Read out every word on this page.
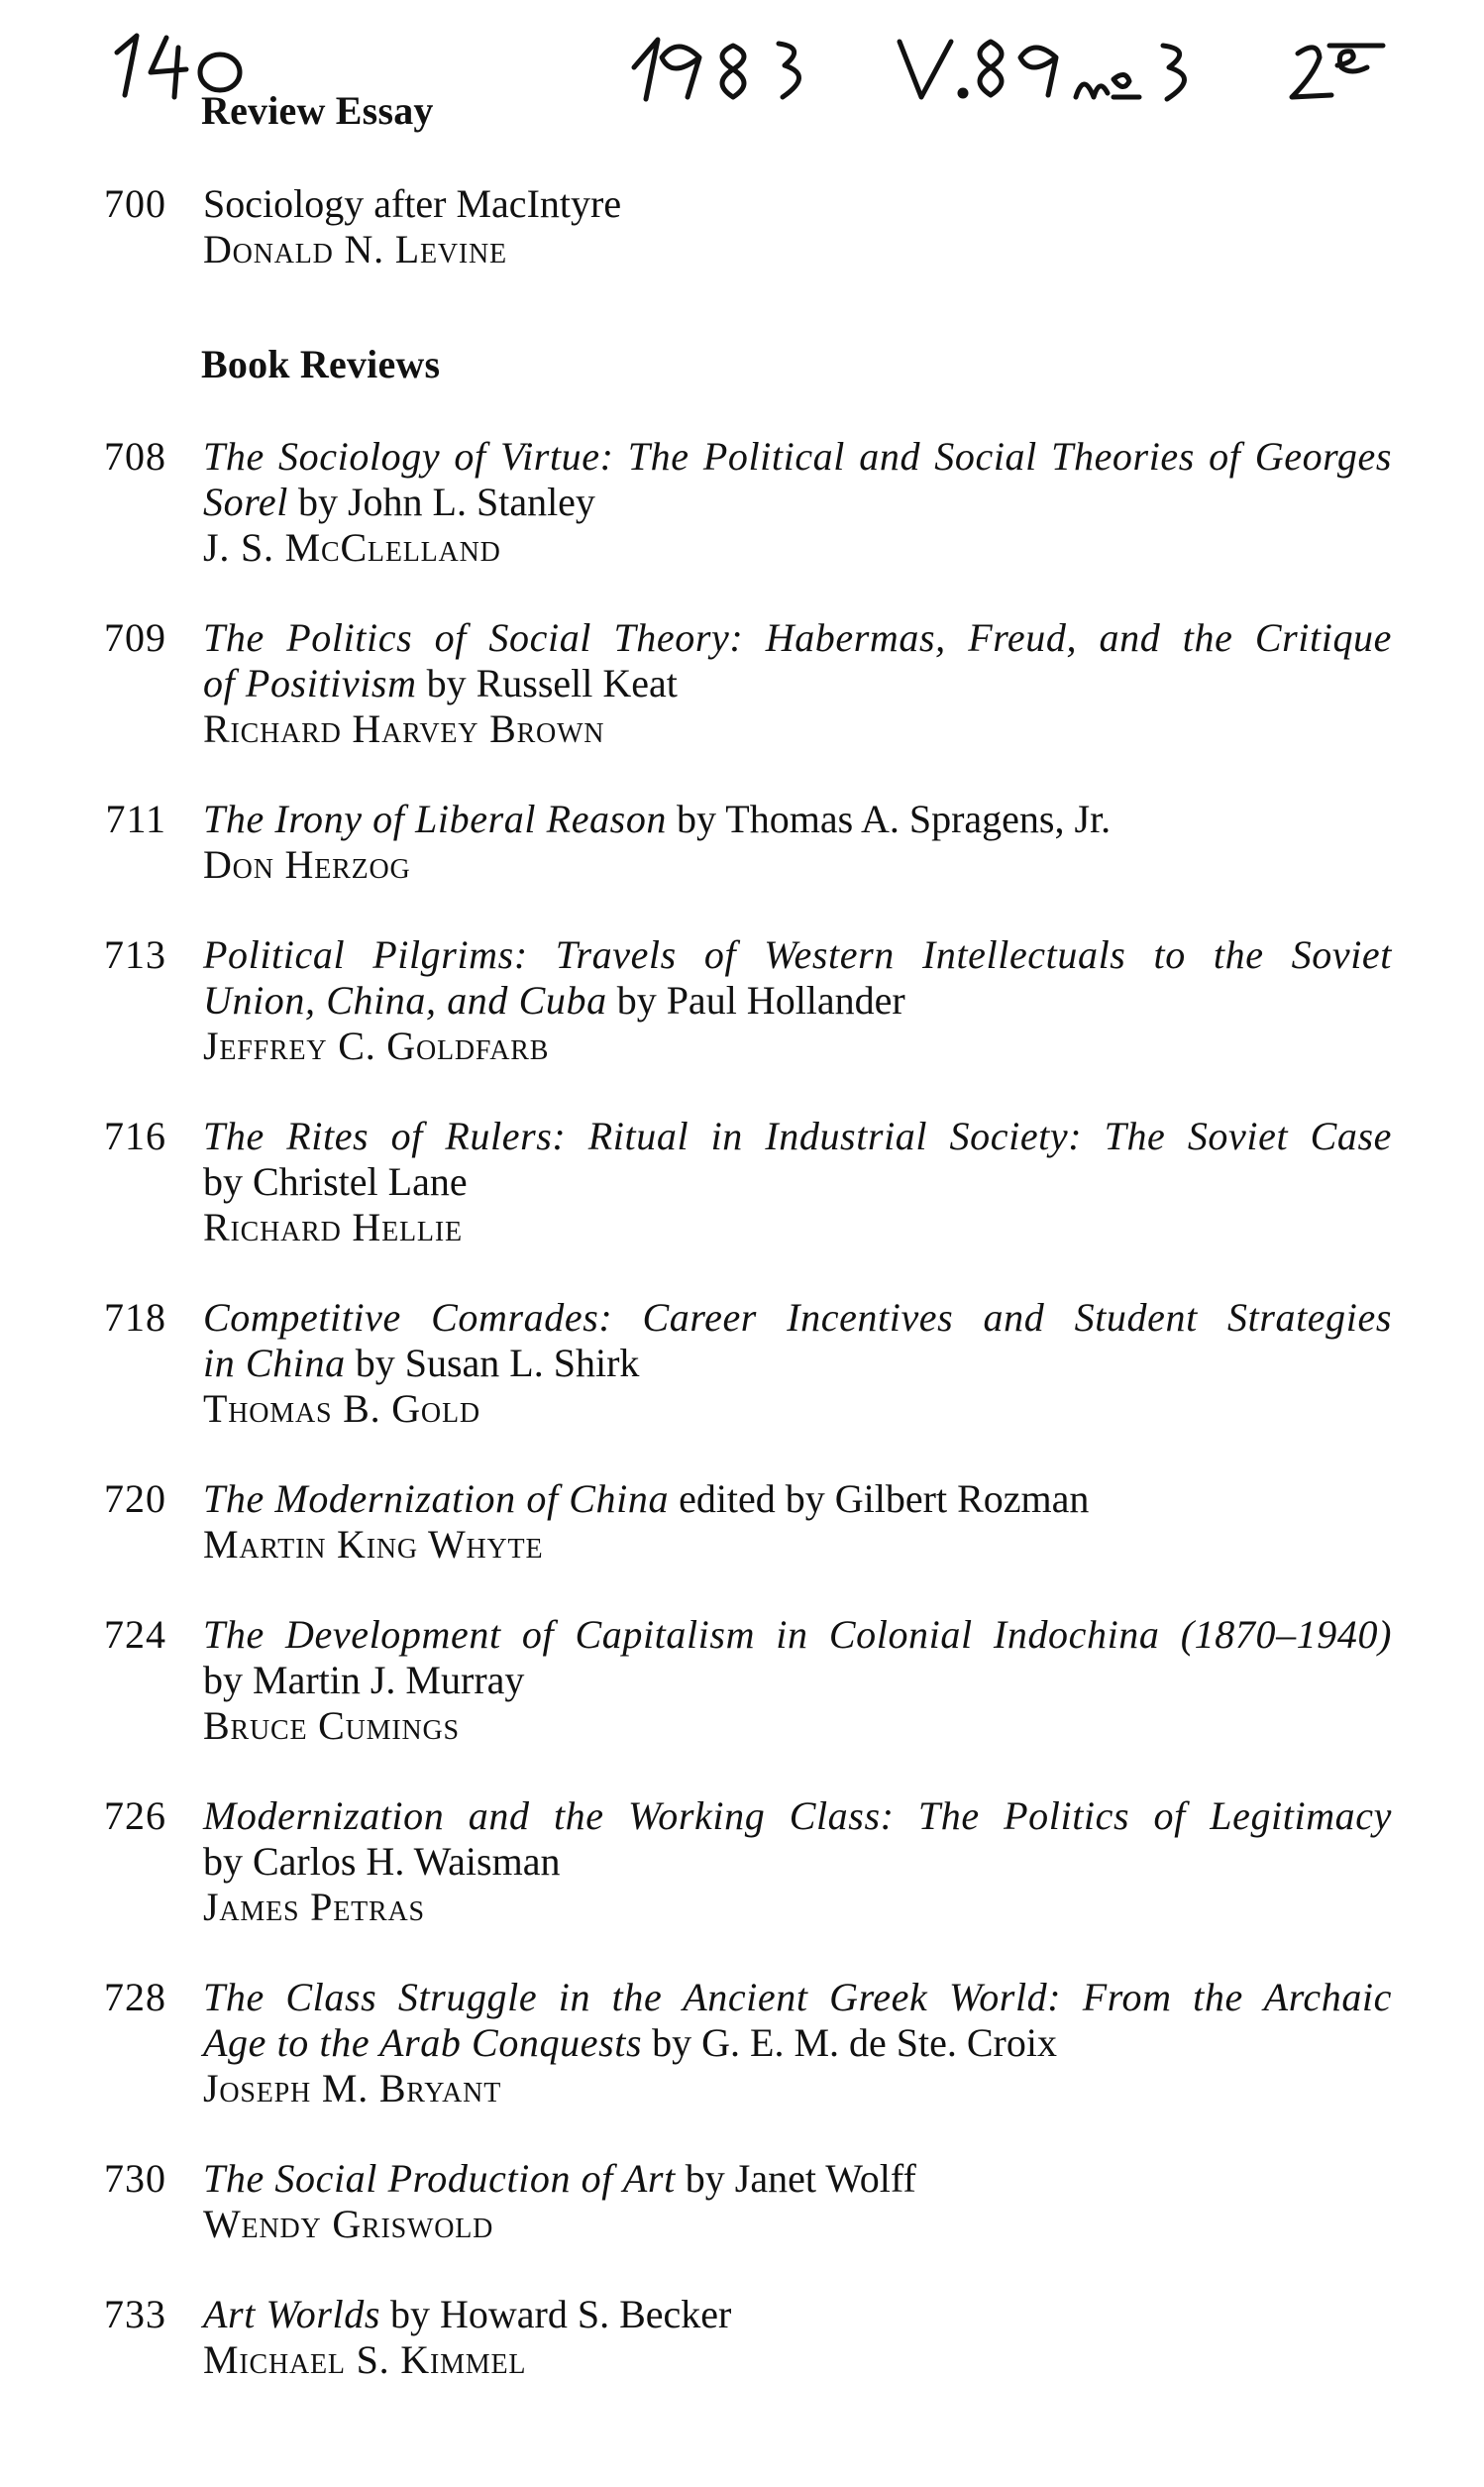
Review Essay
700 Sociology after MacIntyre
Donald N. Levine
Book Reviews
708 The Sociology of Virtue: The Political and Social Theories of Georges
Sorel by John L. Stanley
J. S. McClelland
709 The Politics of Social Theory: Habermas, Freud, and the Critique
of Positivism by Russell Keat
Richard Harvey Brown
711 The Irony of Liberal Reason by Thomas A. Spragens, Jr.
Don Herzog
713 Political Pilgrims: Travels of Western Intellectuals to the Soviet
Union, China, and Cuba by Paul Hollander
Jeffrey C. Goldfarb
716 The Rites of Rulers: Ritual in Industrial Society: The Soviet Case
by Christel Lane
Richard Hellie
718 Competitive Comrades: Career Incentives and Student Strategies
in China by Susan L. Shirk
Thomas B. Gold
720 The Modernization of China edited by Gilbert Rozman
Martin King Whyte
724 The Development of Capitalism in Colonial Indochina (1870–1940)
by Martin J. Murray
Bruce Cumings
726 Modernization and the Working Class: The Politics of Legitimacy
by Carlos H. Waisman
James Petras
728 The Class Struggle in the Ancient Greek World: From the Archaic
Age to the Arab Conquests by G. E. M. de Ste. Croix
Joseph M. Bryant
730 The Social Production of Art by Janet Wolff
Wendy Griswold
733 Art Worlds by Howard S. Becker
Michael S. Kimmel
